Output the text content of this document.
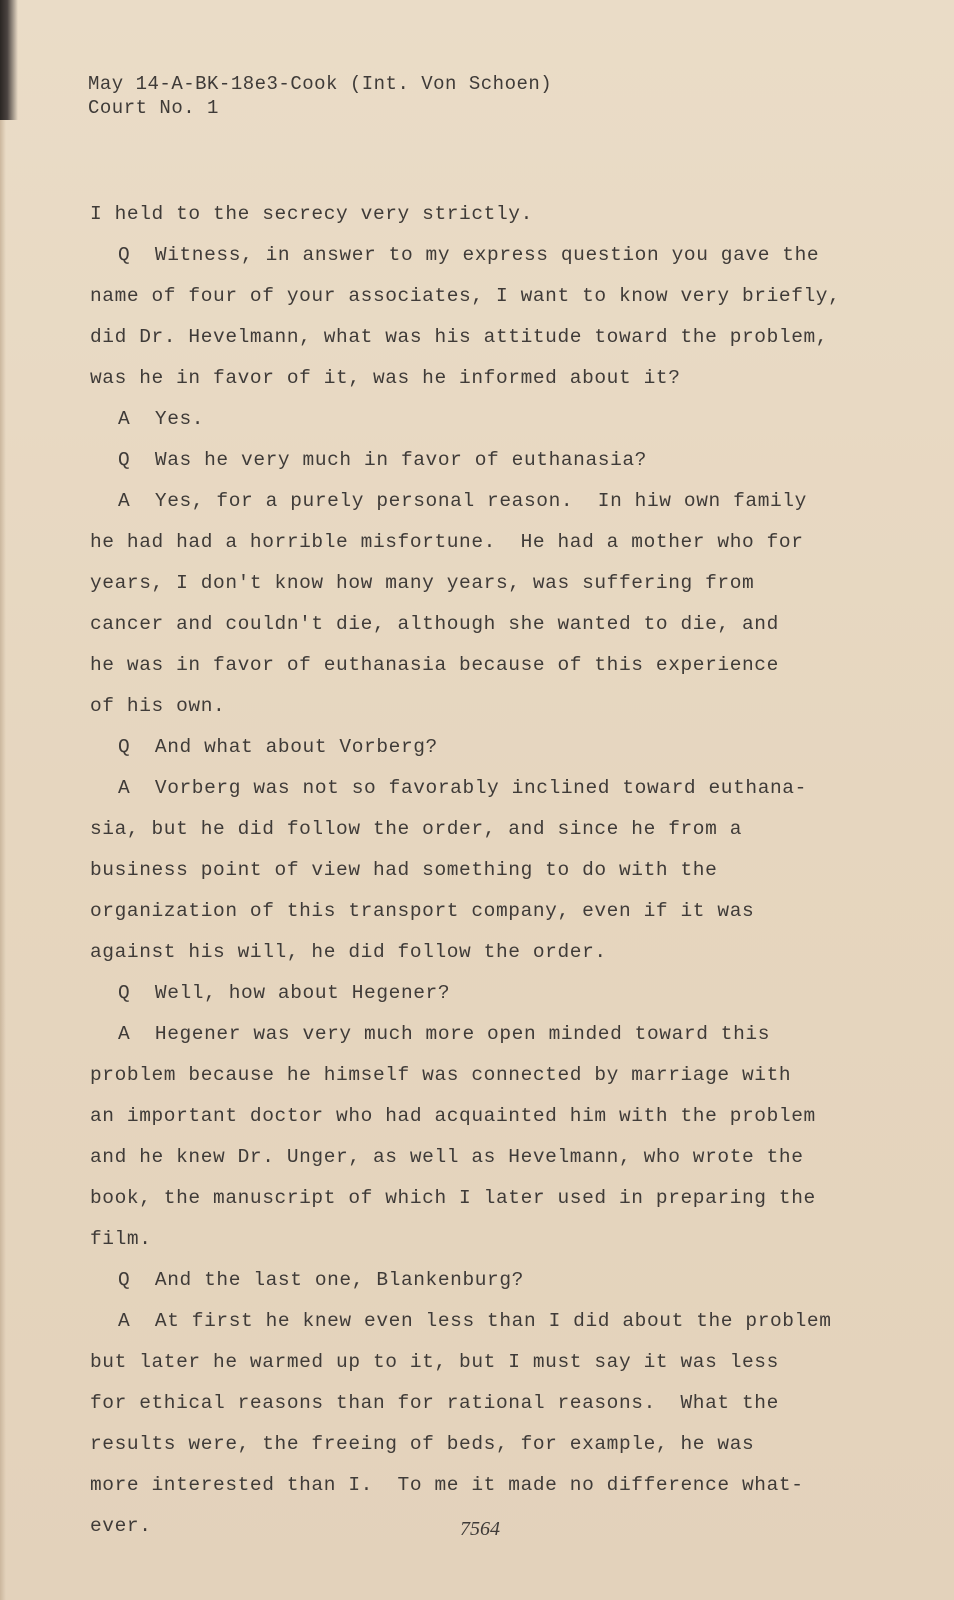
May 14-A-BK-18e3-Cook (Int. Von Schoen)
Court No. 1
I held to the secrecy very strictly.
Q  Witness, in answer to my express question you gave the
name of four of your associates, I want to know very briefly,
did Dr. Hevelmann, what was his attitude toward the problem,
was he in favor of it, was he informed about it?
A  Yes.
Q  Was he very much in favor of euthanasia?
A  Yes, for a purely personal reason.  In hiw own family
he had had a horrible misfortune.  He had a mother who for
years, I don't know how many years, was suffering from
cancer and couldn't die, although she wanted to die, and
he was in favor of euthanasia because of this experience
of his own.
Q  And what about Vorberg?
A  Vorberg was not so favorably inclined toward euthana-
sia, but he did follow the order, and since he from a
business point of view had something to do with the
organization of this transport company, even if it was
against his will, he did follow the order.
Q  Well, how about Hegener?
A  Hegener was very much more open minded toward this
problem because he himself was connected by marriage with
an important doctor who had acquainted him with the problem
and he knew Dr. Unger, as well as Hevelmann, who wrote the
book, the manuscript of which I later used in preparing the
film.
Q  And the last one, Blankenburg?
A  At first he knew even less than I did about the problem
but later he warmed up to it, but I must say it was less
for ethical reasons than for rational reasons.  What the
results were, the freeing of beds, for example, he was
more interested than I.  To me it made no difference what-
ever.	7564
